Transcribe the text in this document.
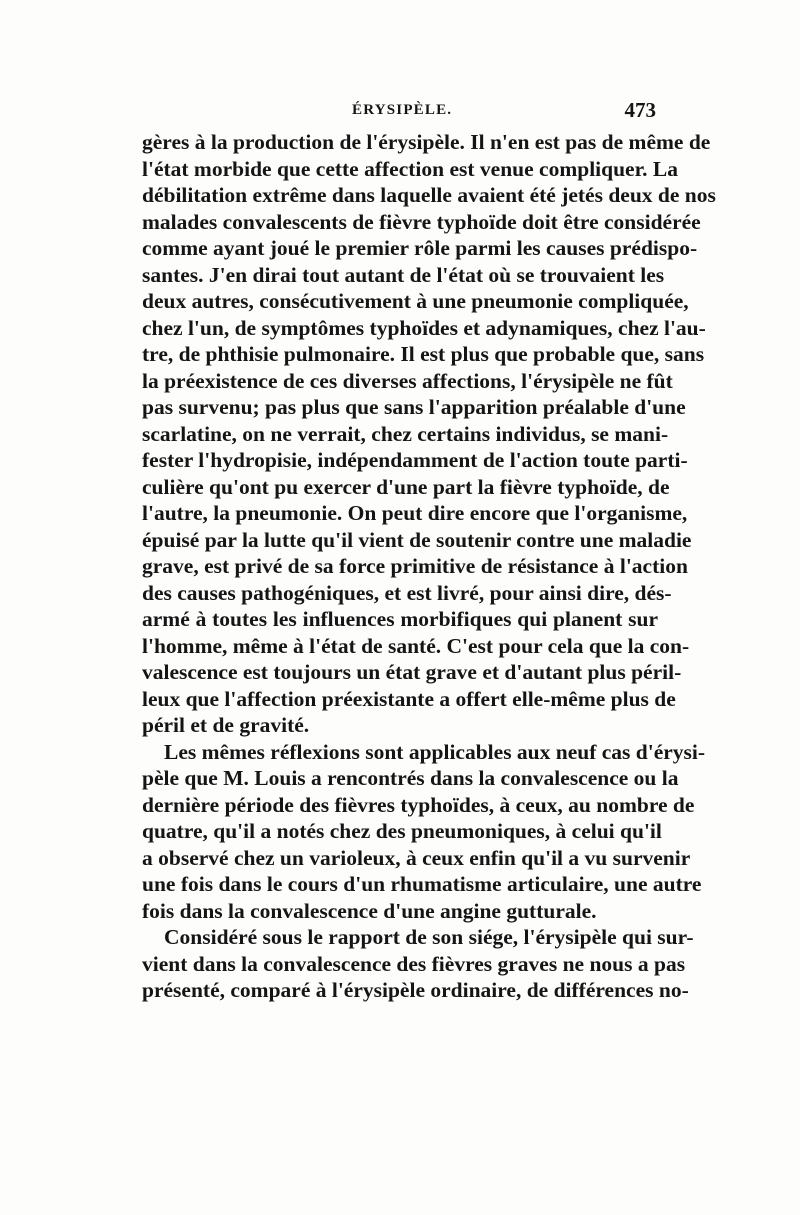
ÉRYSIPÈLE.	473
gères à la production de l'érysipèle. Il n'en est pas de même de
l'état morbide que cette affection est venue compliquer. La
débilitation extrême dans laquelle avaient été jetés deux de nos
malades convalescents de fièvre typhoïde doit être considérée
comme ayant joué le premier rôle parmi les causes prédispo-
santes. J'en dirai tout autant de l'état où se trouvaient les
deux autres, consécutivement à une pneumonie compliquée,
chez l'un, de symptômes typhoïdes et adynamiques, chez l'au-
tre, de phthisie pulmonaire. Il est plus que probable que, sans
la préexistence de ces diverses affections, l'érysipèle ne fût
pas survenu; pas plus que sans l'apparition préalable d'une
scarlatine, on ne verrait, chez certains individus, se mani-
fester l'hydropisie, indépendamment de l'action toute parti-
culière qu'ont pu exercer d'une part la fièvre typhoïde, de
l'autre, la pneumonie. On peut dire encore que l'organisme,
épuisé par la lutte qu'il vient de soutenir contre une maladie
grave, est privé de sa force primitive de résistance à l'action
des causes pathogéniques, et est livré, pour ainsi dire, dés-
armé à toutes les influences morbifiques qui planent sur
l'homme, même à l'état de santé. C'est pour cela que la con-
valescence est toujours un état grave et d'autant plus péril-
leux que l'affection préexistante a offert elle-même plus de
péril et de gravité.
Les mêmes réflexions sont applicables aux neuf cas d'érysi-
pèle que M. Louis a rencontrés dans la convalescence ou la
dernière période des fièvres typhoïdes, à ceux, au nombre de
quatre, qu'il a notés chez des pneumoniques, à celui qu'il
a observé chez un varioleux, à ceux enfin qu'il a vu survenir
une fois dans le cours d'un rhumatisme articulaire, une autre
fois dans la convalescence d'une angine gutturale.
Considéré sous le rapport de son siége, l'érysipèle qui sur-
vient dans la convalescence des fièvres graves ne nous a pas
présenté, comparé à l'érysipèle ordinaire, de différences no-
